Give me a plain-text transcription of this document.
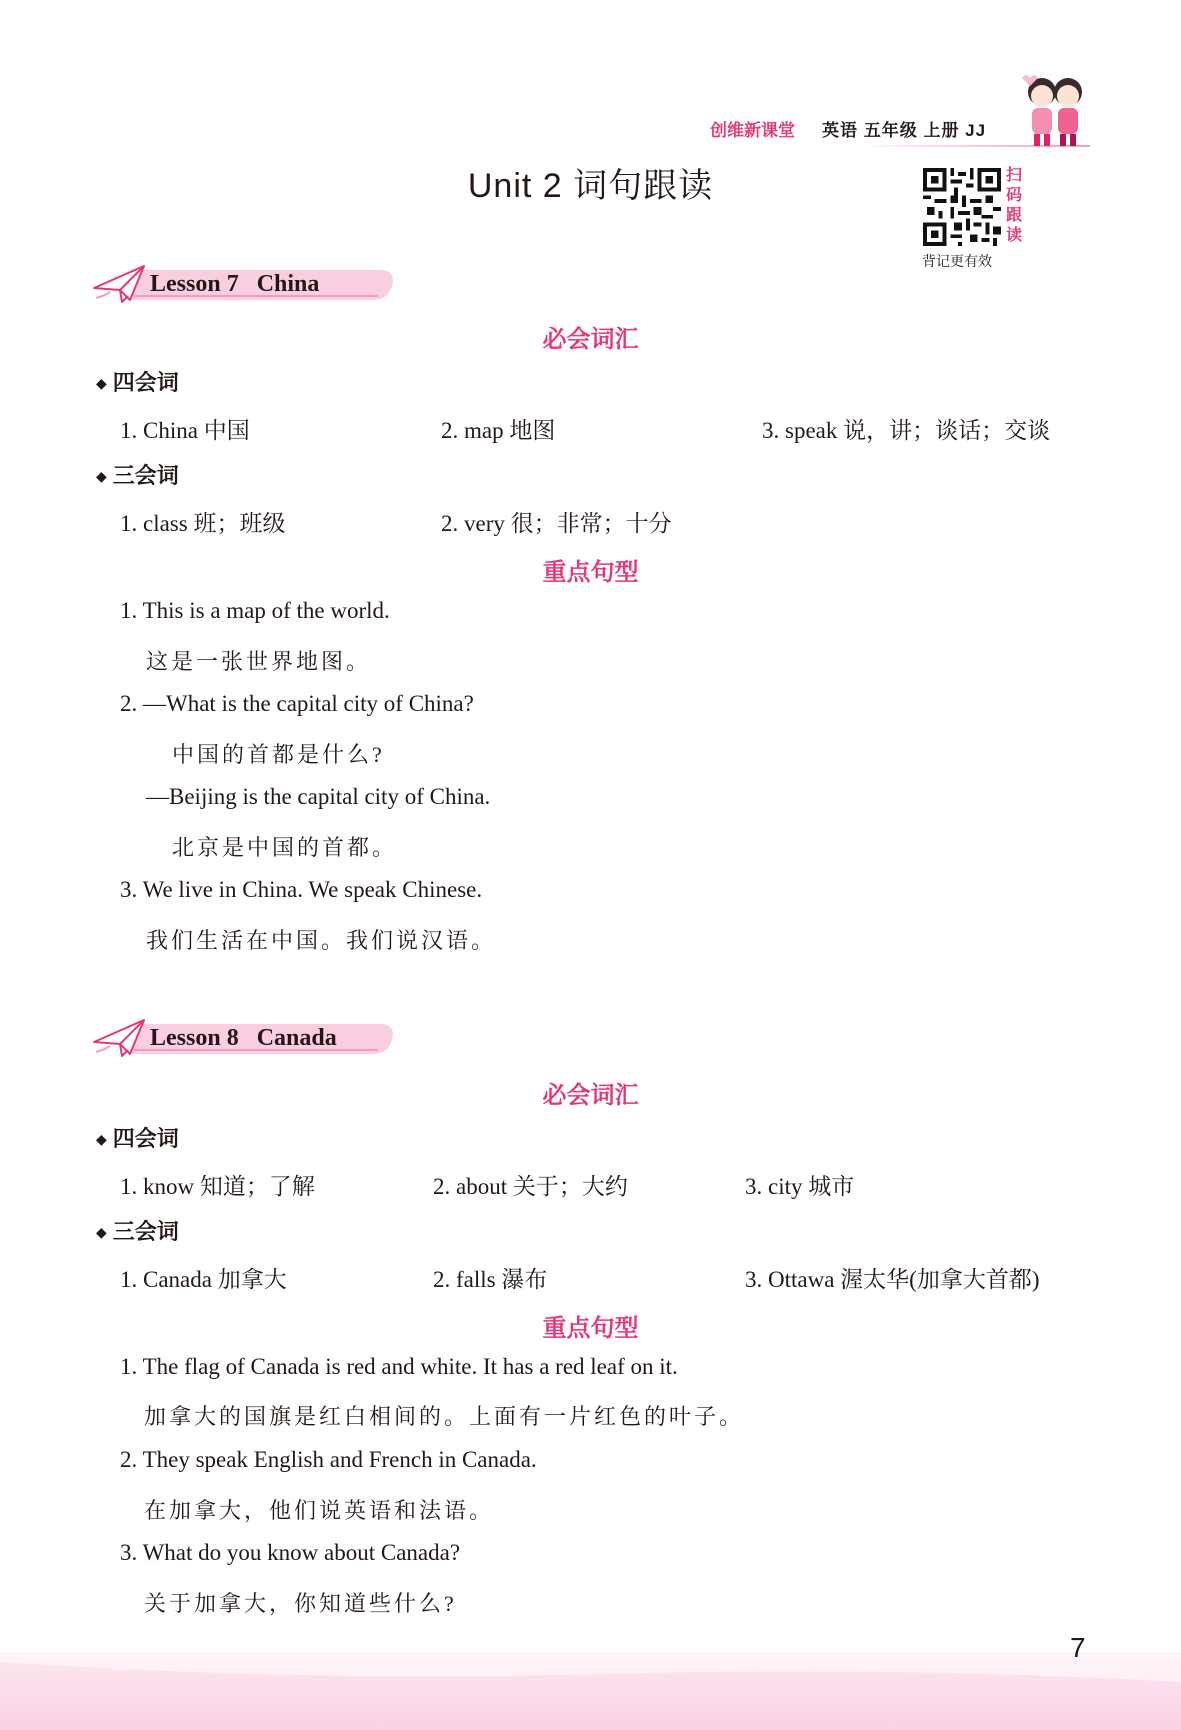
创维新课堂 英语 五年级 上册 JJ
Unit 2 词句跟读	扫
码
跟
读
背记更有效
Lesson 7   China
必会词汇
◆ 四会词
1. China 中国	2. map 地图	3. speak 说，讲；谈话；交谈
◆ 三会词
1. class 班；班级	2. very 很；非常；十分
重点句型
1. This is a map of the world.
这是一张世界地图。
2. —What is the capital city of China?
中国的首都是什么?
—Beijing is the capital city of China.
北京是中国的首都。
3. We live in China. We speak Chinese.
我们生活在中国。我们说汉语。
Lesson 8   Canada
必会词汇
◆ 四会词
1. know 知道；了解	2. about 关于；大约	3. city 城市
◆ 三会词
1. Canada 加拿大	2. falls 瀑布	3. Ottawa 渥太华(加拿大首都)
重点句型
1. The flag of Canada is red and white. It has a red leaf on it.
加拿大的国旗是红白相间的。上面有一片红色的叶子。
2. They speak English and French in Canada.
在加拿大，他们说英语和法语。
3. What do you know about Canada?
关于加拿大，你知道些什么?
7
